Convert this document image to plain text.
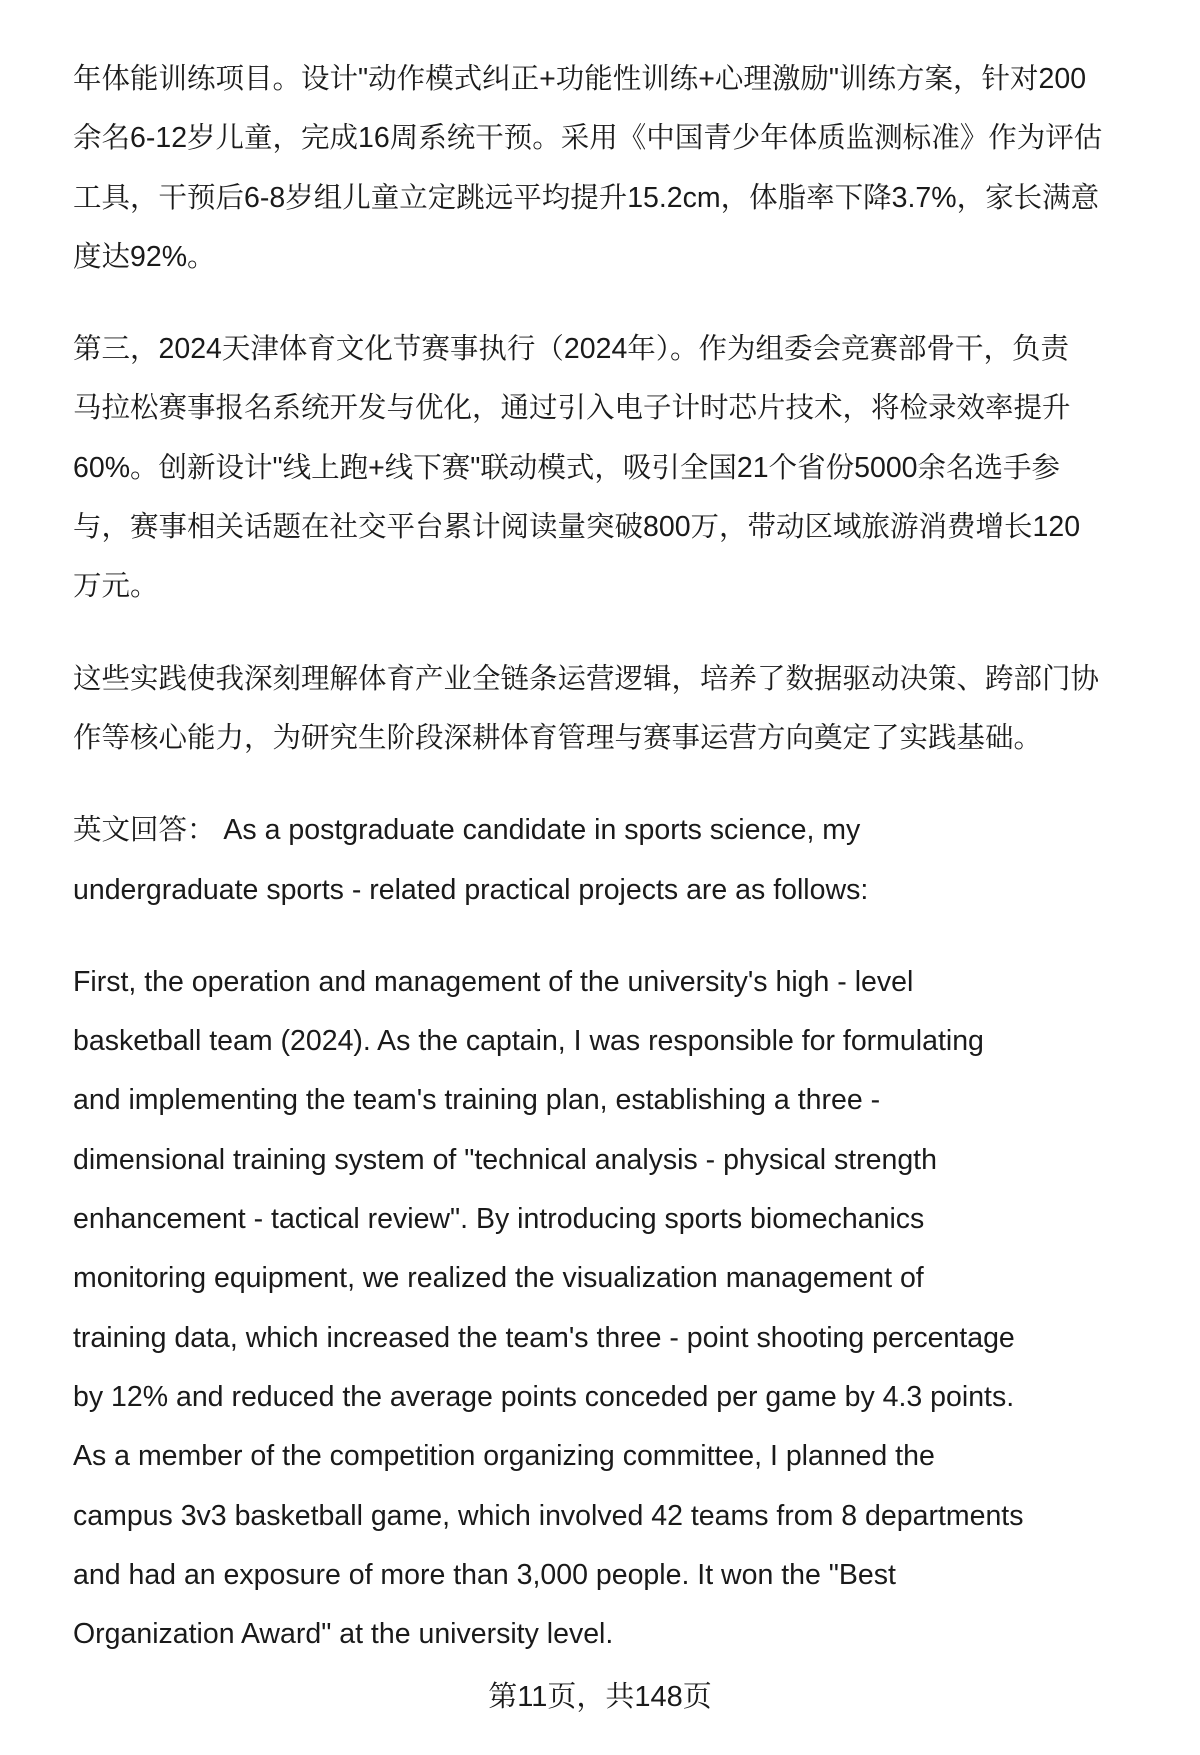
年体能训练项目。设计"动作模式纠正+功能性训练+心理激励"训练方案，针对200
余名6-12岁儿童，完成16周系统干预。采用《中国青少年体质监测标准》作为评估
工具，干预后6-8岁组儿童立定跳远平均提升15.2cm，体脂率下降3.7%，家长满意
度达92%。
第三，2024天津体育文化节赛事执行（2024年）。作为组委会竞赛部骨干，负责
马拉松赛事报名系统开发与优化，通过引入电子计时芯片技术，将检录效率提升
60%。创新设计"线上跑+线下赛"联动模式，吸引全国21个省份5000余名选手参
与，赛事相关话题在社交平台累计阅读量突破800万，带动区域旅游消费增长120
万元。
这些实践使我深刻理解体育产业全链条运营逻辑，培养了数据驱动决策、跨部门协
作等核心能力，为研究生阶段深耕体育管理与赛事运营方向奠定了实践基础。
英文回答： As a postgraduate candidate in sports science, my
undergraduate sports - related practical projects are as follows:
First, the operation and management of the university's high - level
basketball team (2024). As the captain, I was responsible for formulating
and implementing the team's training plan, establishing a three -
dimensional training system of "technical analysis - physical strength
enhancement - tactical review". By introducing sports biomechanics
monitoring equipment, we realized the visualization management of
training data, which increased the team's three - point shooting percentage
by 12% and reduced the average points conceded per game by 4.3 points.
As a member of the competition organizing committee, I planned the
campus 3v3 basketball game, which involved 42 teams from 8 departments
and had an exposure of more than 3,000 people. It won the "Best
Organization Award" at the university level.
第11页，共148页
